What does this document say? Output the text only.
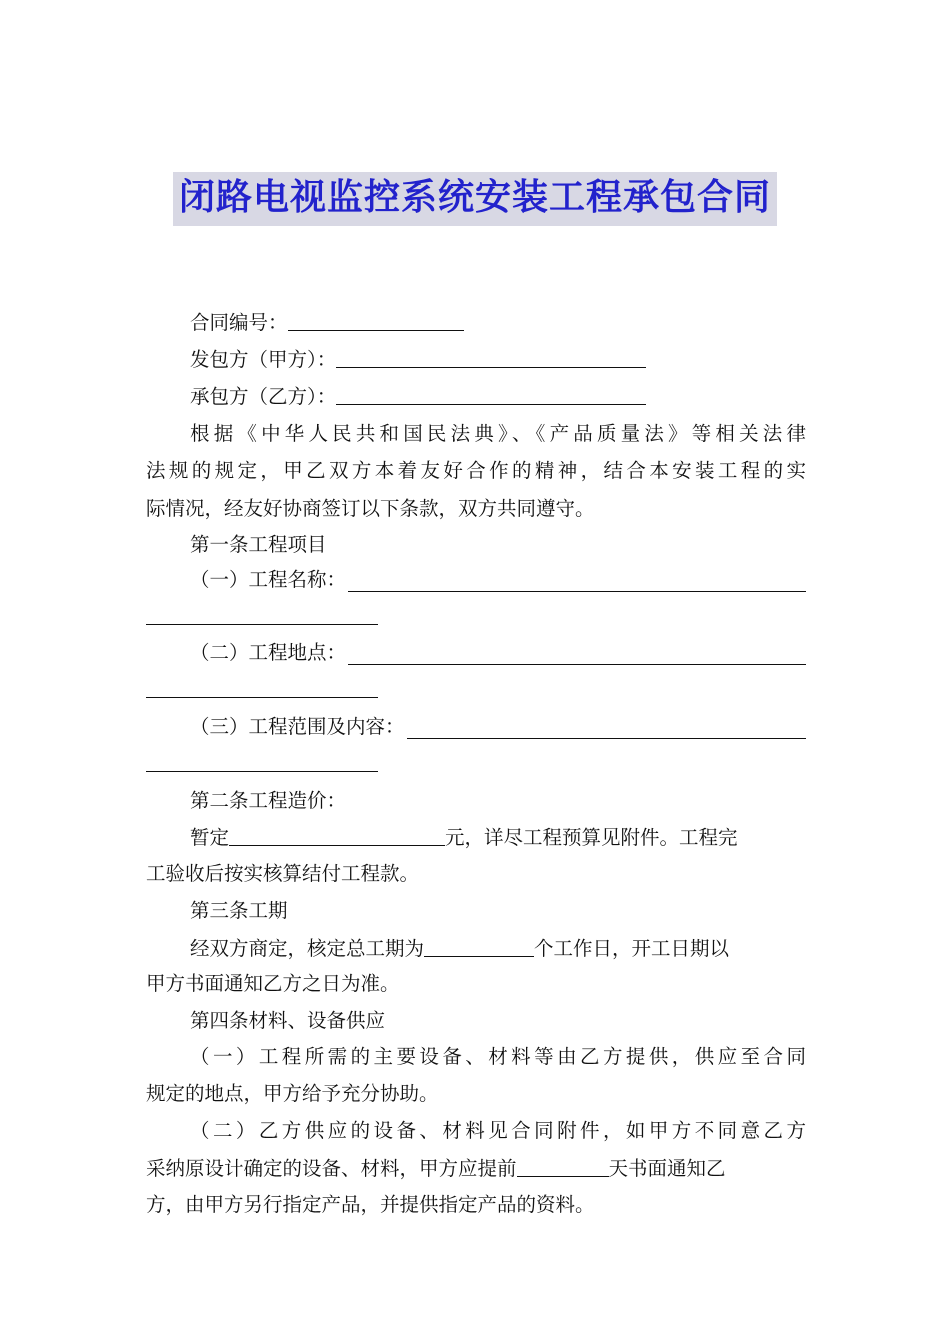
闭路电视监控系统安装工程承包合同
合同编号：
发包方（甲方）：
承包方（乙方）：
根据《中华人民共和国民法典》、《产品质量法》等相关法律
法规的规定，甲乙双方本着友好合作的精神，结合本安装工程的实
际情况，经友好协商签订以下条款，双方共同遵守。
第一条工程项目
（一）工程名称：
（二）工程地点：
（三）工程范围及内容：
第二条工程造价：
暂定	元，详尽工程预算见附件。工程完
工验收后按实核算结付工程款。
第三条工期
经双方商定，核定总工期为	个工作日，开工日期以
甲方书面通知乙方之日为准。
第四条材料、设备供应
（一）工程所需的主要设备、材料等由乙方提供，供应至合同
规定的地点，甲方给予充分协助。
（二）乙方供应的设备、材料见合同附件，如甲方不同意乙方
采纳原设计确定的设备、材料，甲方应提前	天书面通知乙
方，由甲方另行指定产品，并提供指定产品的资料。
